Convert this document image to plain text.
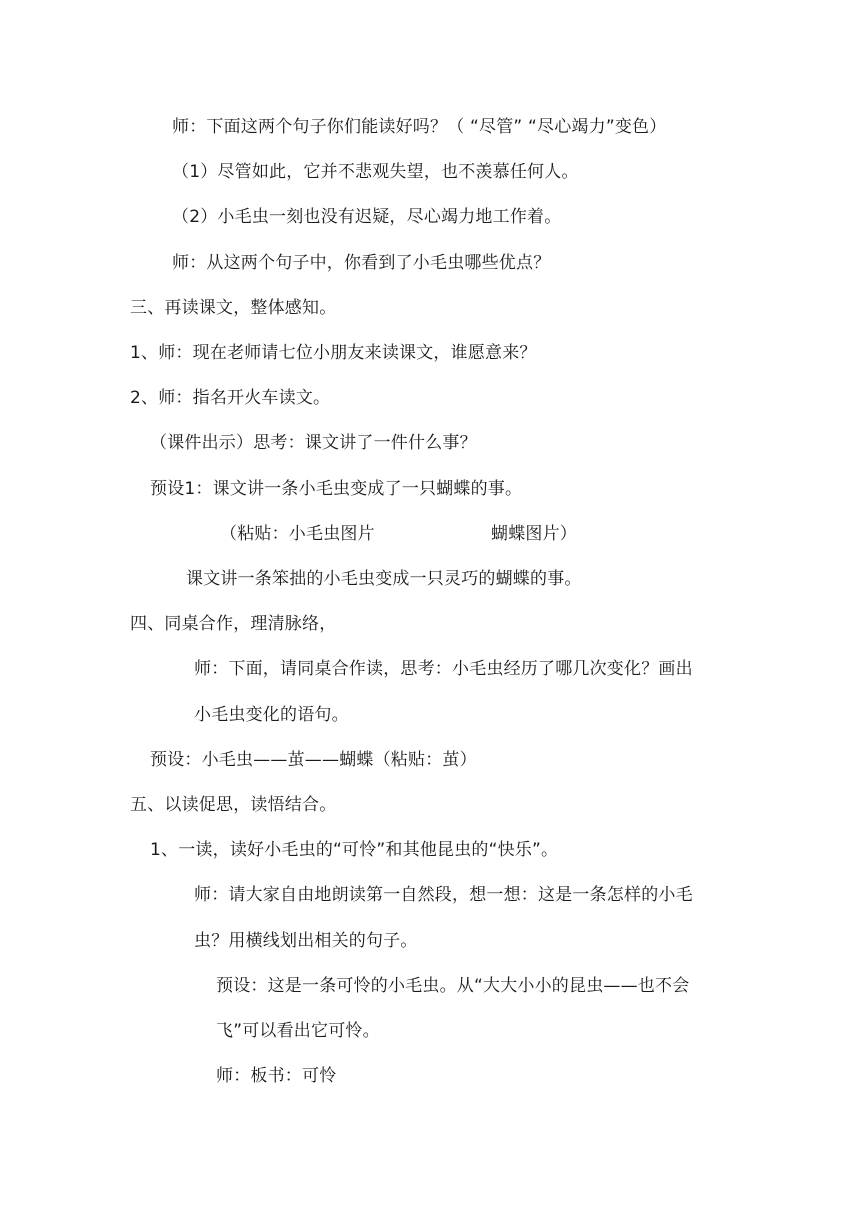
师：下面这两个句子你们能读好吗？（ “尽管” “尽心竭力”变色）
（1）尽管如此，它并不悲观失望，也不羡慕任何人。
（2）小毛虫一刻也没有迟疑，尽心竭力地工作着。
师：从这两个句子中，你看到了小毛虫哪些优点？
三、再读课文，整体感知。
1、师：现在老师请七位小朋友来读课文，谁愿意来？
2、师：指名开火车读文。
（课件出示）思考：课文讲了一件什么事？
预设1：课文讲一条小毛虫变成了一只蝴蝶的事。
（粘贴：小毛虫图片	蝴蝶图片）
课文讲一条笨拙的小毛虫变成一只灵巧的蝴蝶的事。
四、同桌合作，理清脉络，
师：下面，请同桌合作读，思考：小毛虫经历了哪几次变化？画出
小毛虫变化的语句。
预设：小毛虫——茧——蝴蝶（粘贴：茧）
五、以读促思，读悟结合。
1、一读，读好小毛虫的“可怜”和其他昆虫的“快乐”。
师：请大家自由地朗读第一自然段，想一想：这是一条怎样的小毛
虫？用横线划出相关的句子。
预设：这是一条可怜的小毛虫。从“大大小小的昆虫——也不会
飞”可以看出它可怜。
师：板书：可怜
